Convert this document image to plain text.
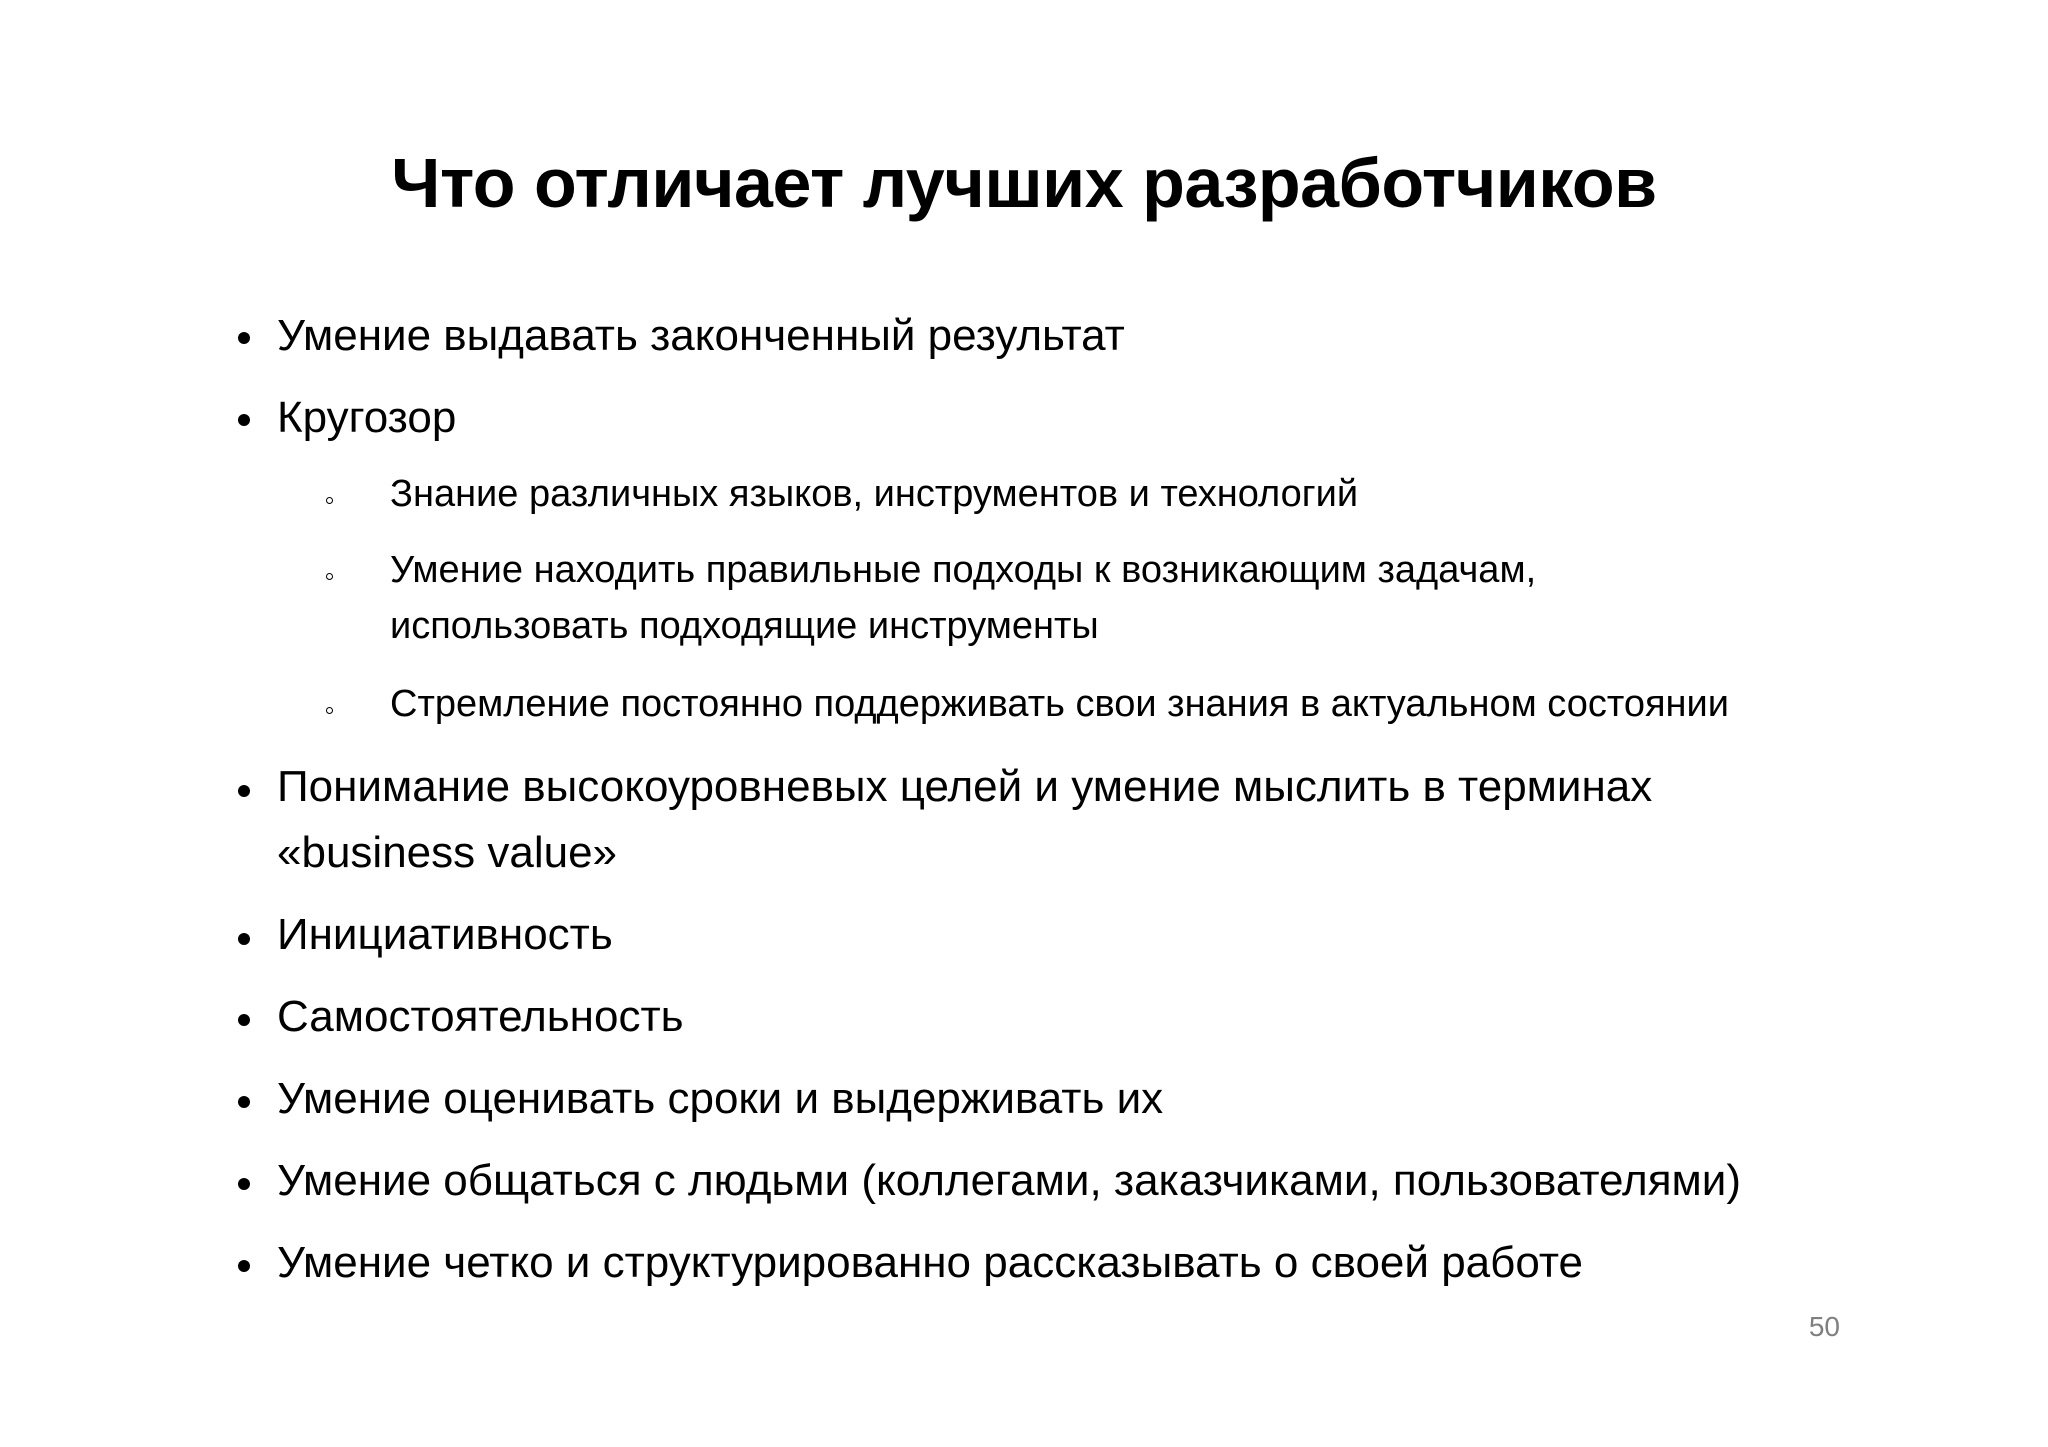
Что отличает лучших разработчиков

Умение выдавать законченный результат

Кругозор

Знание различных языков, инструментов и технологий

Умение находить правильные подходы к возникающим задачам,

использовать подходящие инструменты

Стремление постоянно поддерживать свои знания в актуальном состоянии

Понимание высокоуровневых целей и умение мыслить в терминах

«business value»

Инициативность

Самостоятельность

Умение оценивать сроки и выдерживать их

Умение общаться с людьми (коллегами, заказчиками, пользователями)

Умение четко и структурированно рассказывать о своей работе

50
